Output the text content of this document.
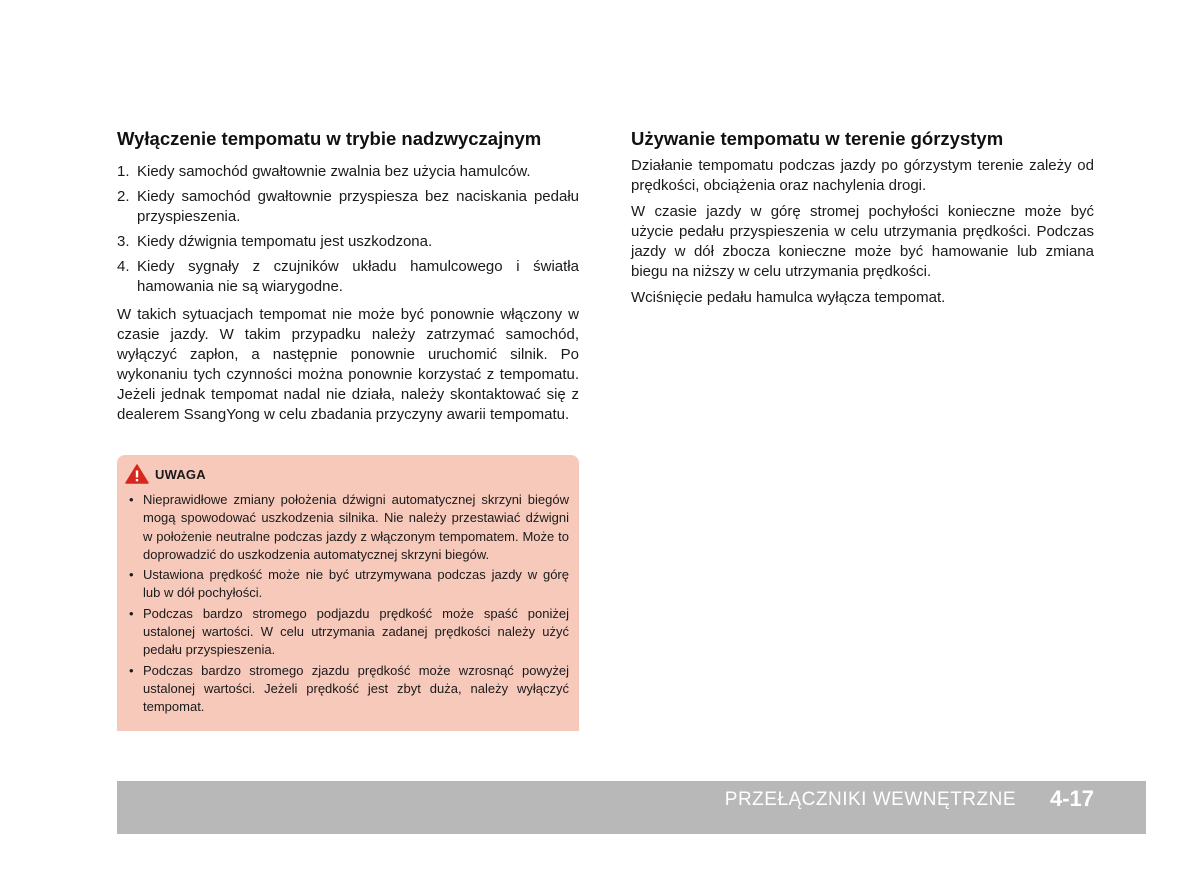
Wyłączenie tempomatu w trybie nadzwyczajnym
1. Kiedy samochód gwałtownie zwalnia bez użycia hamulców.
2. Kiedy samochód gwałtownie przyspiesza bez naciskania pedału przyspieszenia.
3. Kiedy dźwignia tempomatu jest uszkodzona.
4. Kiedy sygnały z czujników układu hamulcowego i światła hamowania nie są wiarygodne.

W takich sytuacjach tempomat nie może być ponownie włączony w czasie jazdy. W takim przypadku należy zatrzymać samochód, wyłączyć zapłon, a następnie ponownie uruchomić silnik. Po wykonaniu tych czynności można ponownie korzystać z tempomatu. Jeżeli jednak tempomat nadal nie działa, należy skontaktować się z dealerem SsangYong w celu zbadania przyczyny awarii tempomatu.

UWAGA
• Nieprawidłowe zmiany położenia dźwigni automatycznej skrzyni biegów mogą spowodować uszkodzenia silnika. Nie należy przestawiać dźwigni w położenie neutralne podczas jazdy z włączonym tempomatem. Może to doprowadzić do uszkodzenia automatycznej skrzyni biegów.
• Ustawiona prędkość może nie być utrzymywana podczas jazdy w górę lub w dół pochyłości.
• Podczas bardzo stromego podjazdu prędkość może spaść poniżej ustalonej wartości. W celu utrzymania zadanej prędkości należy użyć pedału przyspieszenia.
• Podczas bardzo stromego zjazdu prędkość może wzrosnąć powyżej ustalonej wartości. Jeżeli prędkość jest zbyt duża, należy wyłączyć tempomat.
Używanie tempomatu w terenie górzystym

Działanie tempomatu podczas jazdy po górzystym terenie zależy od prędkości, obciążenia oraz nachylenia drogi.

W czasie jazdy w górę stromej pochyłości konieczne może być użycie pedału przyspieszenia w celu utrzymania prędkości. Podczas jazdy w dół zbocza konieczne może być hamowanie lub zmiana biegu na niższy w celu utrzymania prędkości.

Wciśnięcie pedału hamulca wyłącza tempomat.

PRZEŁĄCZNIKI WEWNĘTRZNE 4-17
